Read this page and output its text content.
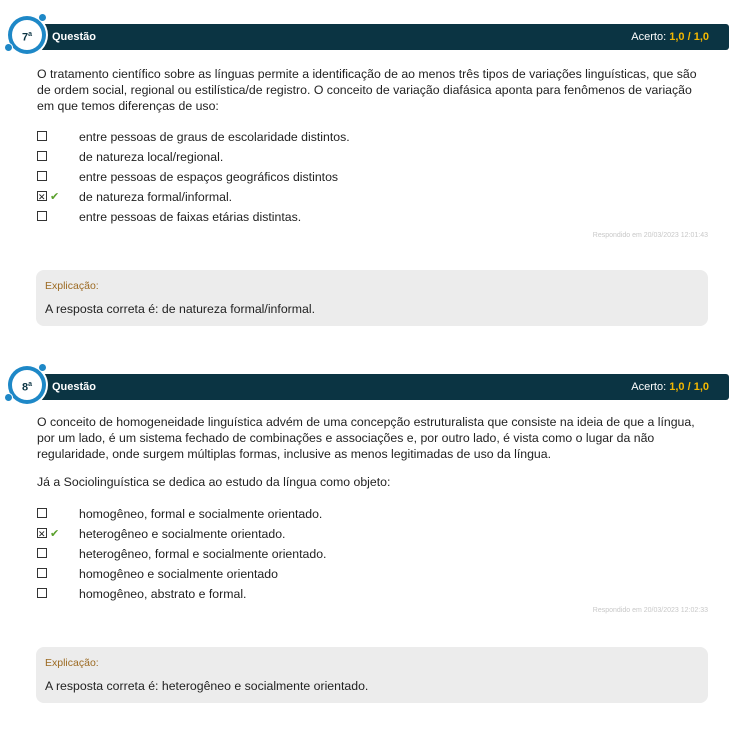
Questão	Acerto: 1,0 / 1,0
7$^a$

O tratamento científico sobre as línguas permite a identificação de ao menos três tipos de variações linguísticas, que são de ordem social, regional ou estilística/de registro. O conceito de variação diafásica aponta para fenômenos de variação em que temos diferenças de uso:

entre pessoas de graus de escolaridade distintos.
de natureza local/regional.
entre pessoas de espaços geográficos distintos
✕
✔ de natureza formal/informal.
entre pessoas de faixas etárias distintas.
Respondido em 20/03/2023 12:01:43
Explicação:
A resposta correta é: de natureza formal/informal.
Questão	Acerto: 1,0 / 1,0
8$^a$

O conceito de homogeneidade linguística advém de uma concepção estruturalista que consiste na ideia de que a língua, por um lado, é um sistema fechado de combinações e associações e, por outro lado, é vista como o lugar da não regularidade, onde surgem múltiplas formas, inclusive as menos legitimadas de uso da língua.

Já a Sociolinguística se dedica ao estudo da língua como objeto:

homogêneo, formal e socialmente orientado.
✕
✔ heterogêneo e socialmente orientado.
heterogêneo, formal e socialmente orientado.
homogêneo e socialmente orientado
homogêneo, abstrato e formal.
Respondido em 20/03/2023 12:02:33
Explicação:
A resposta correta é: heterogêneo e socialmente orientado.
